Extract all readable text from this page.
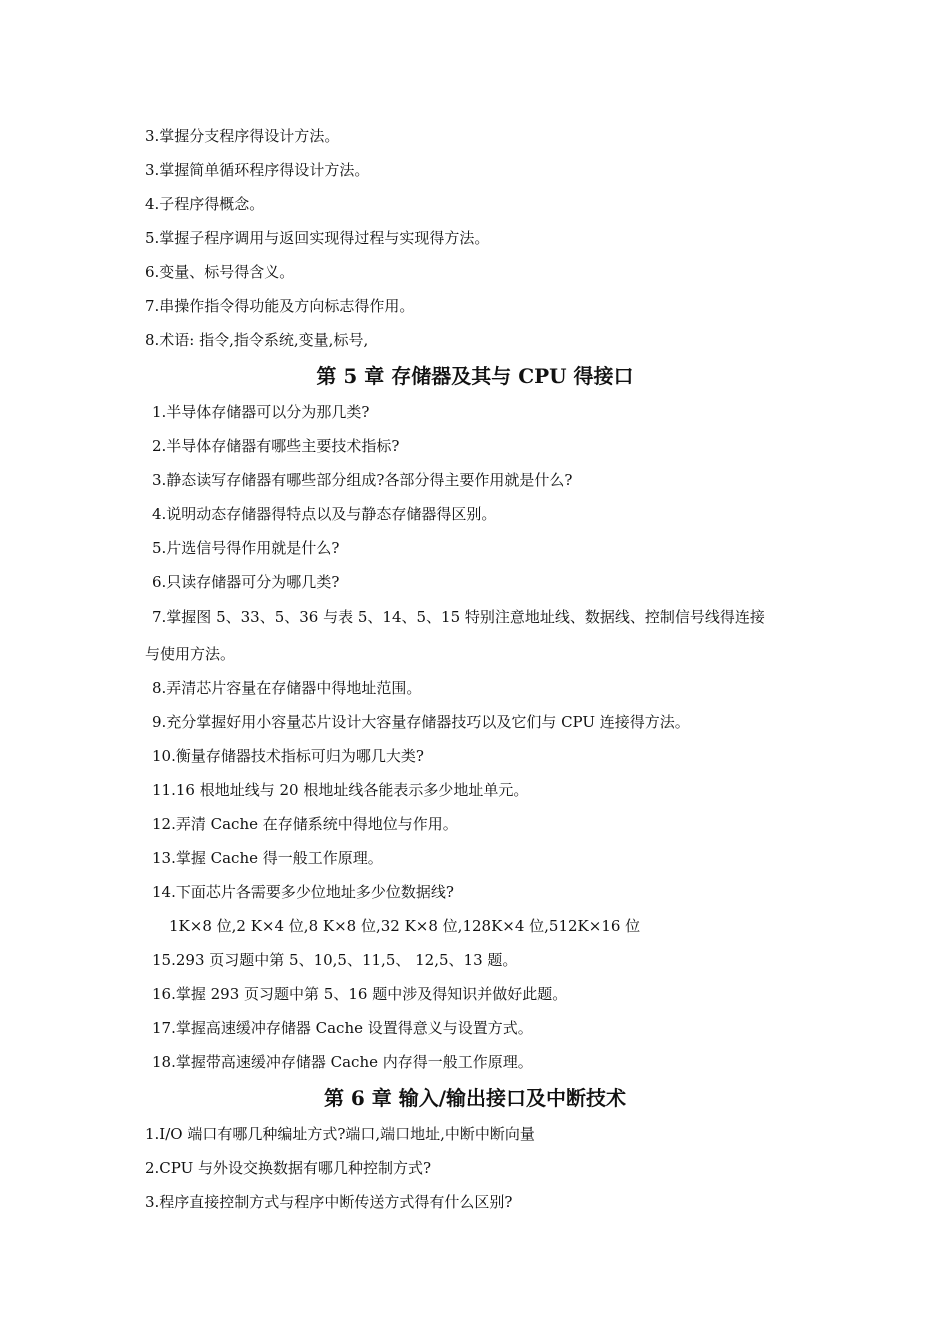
3.掌握分支程序得设计方法。
3.掌握简单循环程序得设计方法。
4.子程序得概念。
5.掌握子程序调用与返回实现得过程与实现得方法。
6.变量、标号得含义。
7.串操作指令得功能及方向标志得作用。
8.术语: 指令,指令系统,变量,标号,
第 5 章 存储器及其与 CPU 得接口
1.半导体存储器可以分为那几类?
2.半导体存储器有哪些主要技术指标?
3.静态读写存储器有哪些部分组成?各部分得主要作用就是什么?
4.说明动态存储器得特点以及与静态存储器得区别。
5.片选信号得作用就是什么?
6.只读存储器可分为哪几类?
7.掌握图 5、33、5、36 与表 5、14、5、15 特别注意地址线、数据线、控制信号线得连接
与使用方法。
8.弄清芯片容量在存储器中得地址范围。
9.充分掌握好用小容量芯片设计大容量存储器技巧以及它们与 CPU 连接得方法。
10.衡量存储器技术指标可归为哪几大类?
11.16 根地址线与 20 根地址线各能表示多少地址单元。
12.弄清 Cache 在存储系统中得地位与作用。
13.掌握 Cache 得一般工作原理。
14.下面芯片各需要多少位地址多少位数据线?
1K×8 位,2 K×4 位,8 K×8 位,32 K×8 位,128K×4 位,512K×16 位
15.293 页习题中第 5、10,5、11,5、 12,5、13 题。
16.掌握 293 页习题中第 5、16 题中涉及得知识并做好此题。
17.掌握高速缓冲存储器 Cache 设置得意义与设置方式。
18.掌握带高速缓冲存储器 Cache 内存得一般工作原理。
第 6 章 输入/输出接口及中断技术
1.I/O 端口有哪几种编址方式?端口,端口地址,中断中断向量
2.CPU 与外设交换数据有哪几种控制方式?
3.程序直接控制方式与程序中断传送方式得有什么区别?
